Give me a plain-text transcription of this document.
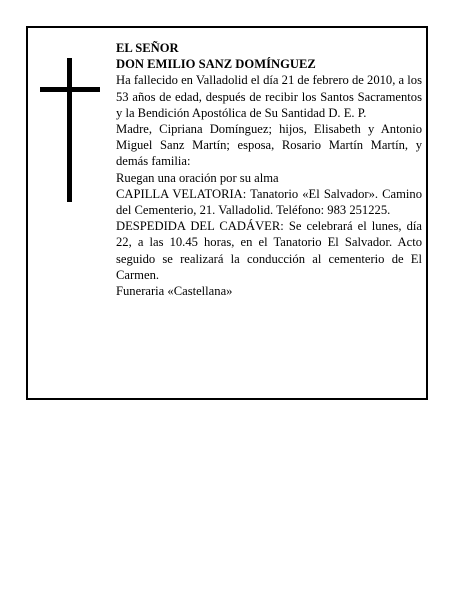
EL SEÑOR

DON EMILIO SANZ DOMÍNGUEZ

Ha fallecido en Valladolid el día 21 de febrero de 2010, a los 53 años de edad, después de recibir los Santos Sacramentos y la Bendición Apostólica de Su Santidad D. E. P.

Madre, Cipriana Domínguez; hijos, Elisabeth y Antonio Miguel Sanz Martín; esposa, Rosario Martín Martín, y demás familia:

Ruegan una oración por su alma

CAPILLA VELATORIA: Tanatorio «El Salvador». Camino del Cementerio, 21. Valladolid. Teléfono: 983 251225.

DESPEDIDA DEL CADÁVER: Se celebrará el lunes, día 22, a las 10.45 horas, en el Tanatorio El Salvador. Acto seguido se realizará la conducción al cementerio de El Carmen.

Funeraria «Castellana»
